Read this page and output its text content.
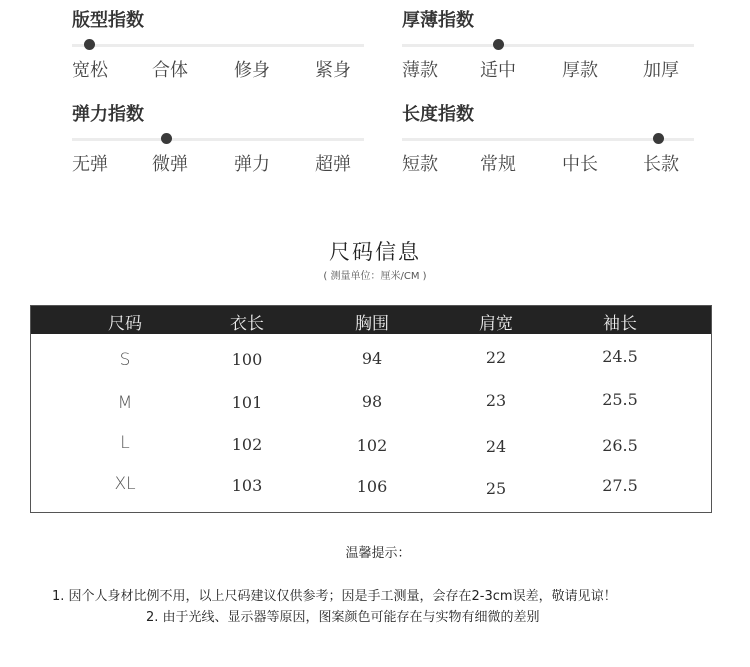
版型指数
宽松 合体	修身	紧身
厚薄指数
薄款 适中	厚款	加厚
弹力指数
无弹 微弹	弹力	超弹
长度指数
短款 常规	中长	长款
尺码信息
( 测量单位：厘米/CM )
尺码	衣长	胸围	肩宽	袖长
S	100	94	22	24.5
M	101	98	23	25.5
L	102	102	24	26.5
XL	103	106	25	27.5
温馨提示：
1. 因个人身材比例不用，以上尺码建议仅供参考；因是手工测量，会存在2-3cm误差，敬请见谅！
2. 由于光线、显示器等原因，图案颜色可能存在与实物有细微的差别
